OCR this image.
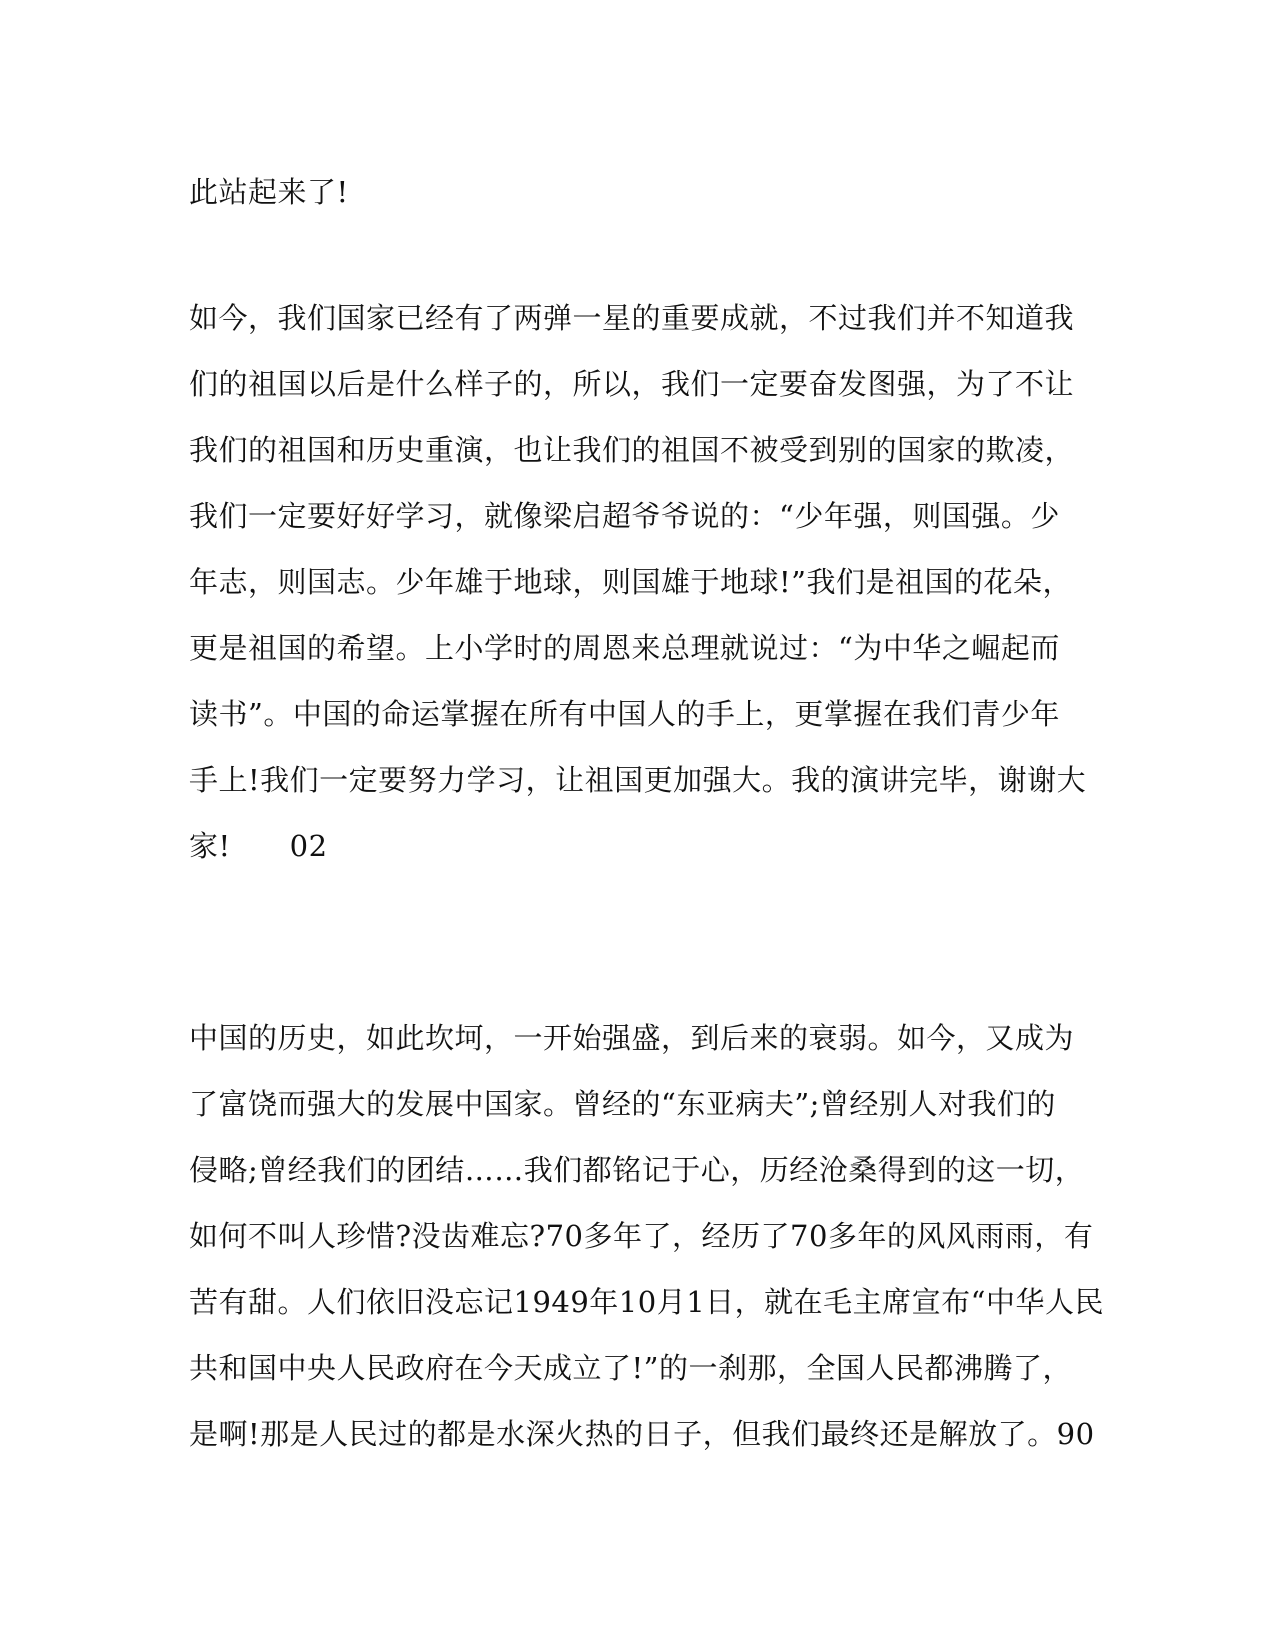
此站起来了!
如今，我们国家已经有了两弹一星的重要成就，不过我们并不知道我
们的祖国以后是什么样子的，所以，我们一定要奋发图强，为了不让
我们的祖国和历史重演，也让我们的祖国不被受到别的国家的欺凌，
我们一定要好好学习，就像梁启超爷爷说的：“少年强，则国强。少
年志，则国志。少年雄于地球，则国雄于地球!”我们是祖国的花朵，
更是祖国的希望。上小学时的周恩来总理就说过：“为中华之崛起而
读书”。中国的命运掌握在所有中国人的手上，更掌握在我们青少年
手上!我们一定要努力学习，让祖国更加强大。我的演讲完毕，谢谢大
家!　　02
中国的历史，如此坎坷，一开始强盛，到后来的衰弱。如今，又成为
了富饶而强大的发展中国家。曾经的“东亚病夫”;曾经别人对我们的
侵略;曾经我们的团结……我们都铭记于心，历经沧桑得到的这一切，
如何不叫人珍惜?没齿难忘?70多年了，经历了70多年的风风雨雨，有
苦有甜。人们依旧没忘记1949年10月1日，就在毛主席宣布“中华人民
共和国中央人民政府在今天成立了!”的一刹那，全国人民都沸腾了，
是啊!那是人民过的都是水深火热的日子，但我们最终还是解放了。90
